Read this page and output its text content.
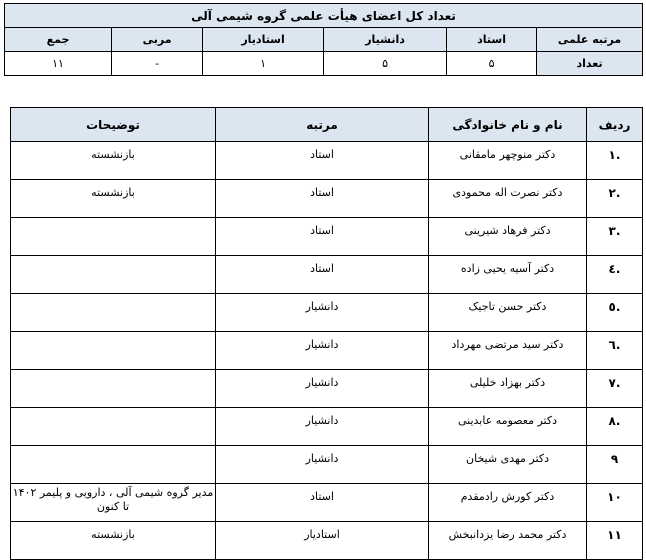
تعداد کل اعضای هیأت علمی گروه شیمی آلی					
مرتبه علمی	استاد	دانشیار	استادیار	مربی	جمع
تعداد	۵	۵	۱	-	۱۱
ردیف	نام و نام خانوادگی	مرتبه	توضیحات
.١	دکتر منوچهر مامقانی	استاد	بازنشسته
.٢	دکتر نصرت اله محمودی	استاد	بازنشسته
.٣	دکتر فرهاد شیرینی	استاد	
.٤	دکتر آسیه یحیی زاده	استاد	
.٥	دکتر حسن تاجیک	دانشیار	
.٦	دکتر سید مرتضی مهرداد	دانشیار	
.٧	دکتر بهزاد خلیلی	دانشیار	
.٨	دکتر معصومه عابدینی	دانشیار	
٩	دکتر مهدی شیخان	دانشیار	
١٠	دکتر کورش رادمقدم	استاد	مدیر گروه شیمی آلی ، دارویی و پلیمر ۱۴۰۲ تا کنون
١١	دکتر محمد رضا یزدانبخش	استادیار	بازنشسته
